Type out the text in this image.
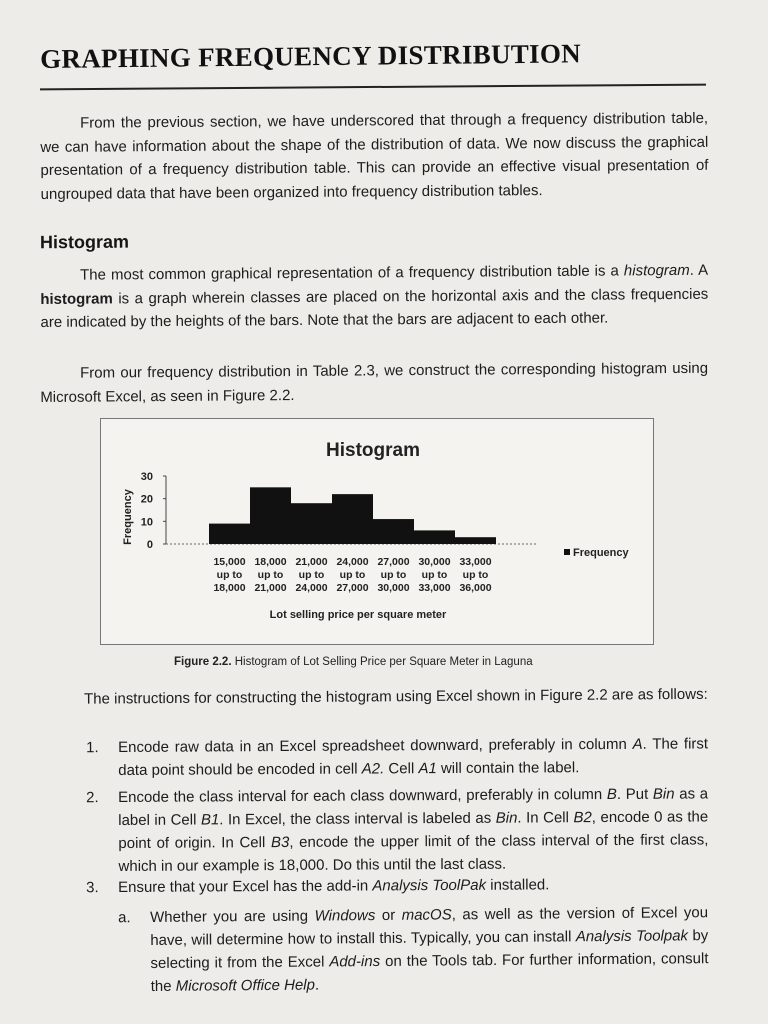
GRAPHING FREQUENCY DISTRIBUTION

From the previous section, we have underscored that through a frequency distribution table, we can have information about the shape of the distribution of data. We now discuss the graphical presentation of a frequency distribution table. This can provide an effective visual presentation of ungrouped data that have been organized into frequency distribution tables.

Histogram

The most common graphical representation of a frequency distribution table is a histogram. A histogram is a graph wherein classes are placed on the horizontal axis and the class frequencies are indicated by the heights of the bars. Note that the bars are adjacent to each other.

From our frequency distribution in Table 2.3, we construct the corresponding histogram using Microsoft Excel, as seen in Figure 2.2.

Histogram
Frequency
Lot selling price per square meter
Frequency
0
10
20
30
15,000
up to
18,000
18,000
up to
21,000
21,000
up to
24,000
24,000
up to
27,000
27,000
up to
30,000
30,000
up to
33,000
33,000
up to
36,000
Figure 2.2. Histogram of Lot Selling Price per Square Meter in Laguna

The instructions for constructing the histogram using Excel shown in Figure 2.2 are as follows:

1. Encode raw data in an Excel spreadsheet downward, preferably in column A. The first data point should be encoded in cell A2. Cell A1 will contain the label.
2. Encode the class interval for each class downward, preferably in column B. Put Bin as a label in Cell B1. In Excel, the class interval is labeled as Bin. In Cell B2, encode 0 as the point of origin. In Cell B3, encode the upper limit of the class interval of the first class, which in our example is 18,000. Do this until the last class.
3. Ensure that your Excel has the add-in Analysis ToolPak installed.
a. Whether you are using Windows or macOS, as well as the version of Excel you have, will determine how to install this. Typically, you can install Analysis Toolpak by selecting it from the Excel Add-ins on the Tools tab. For further information, consult the Microsoft Office Help.
